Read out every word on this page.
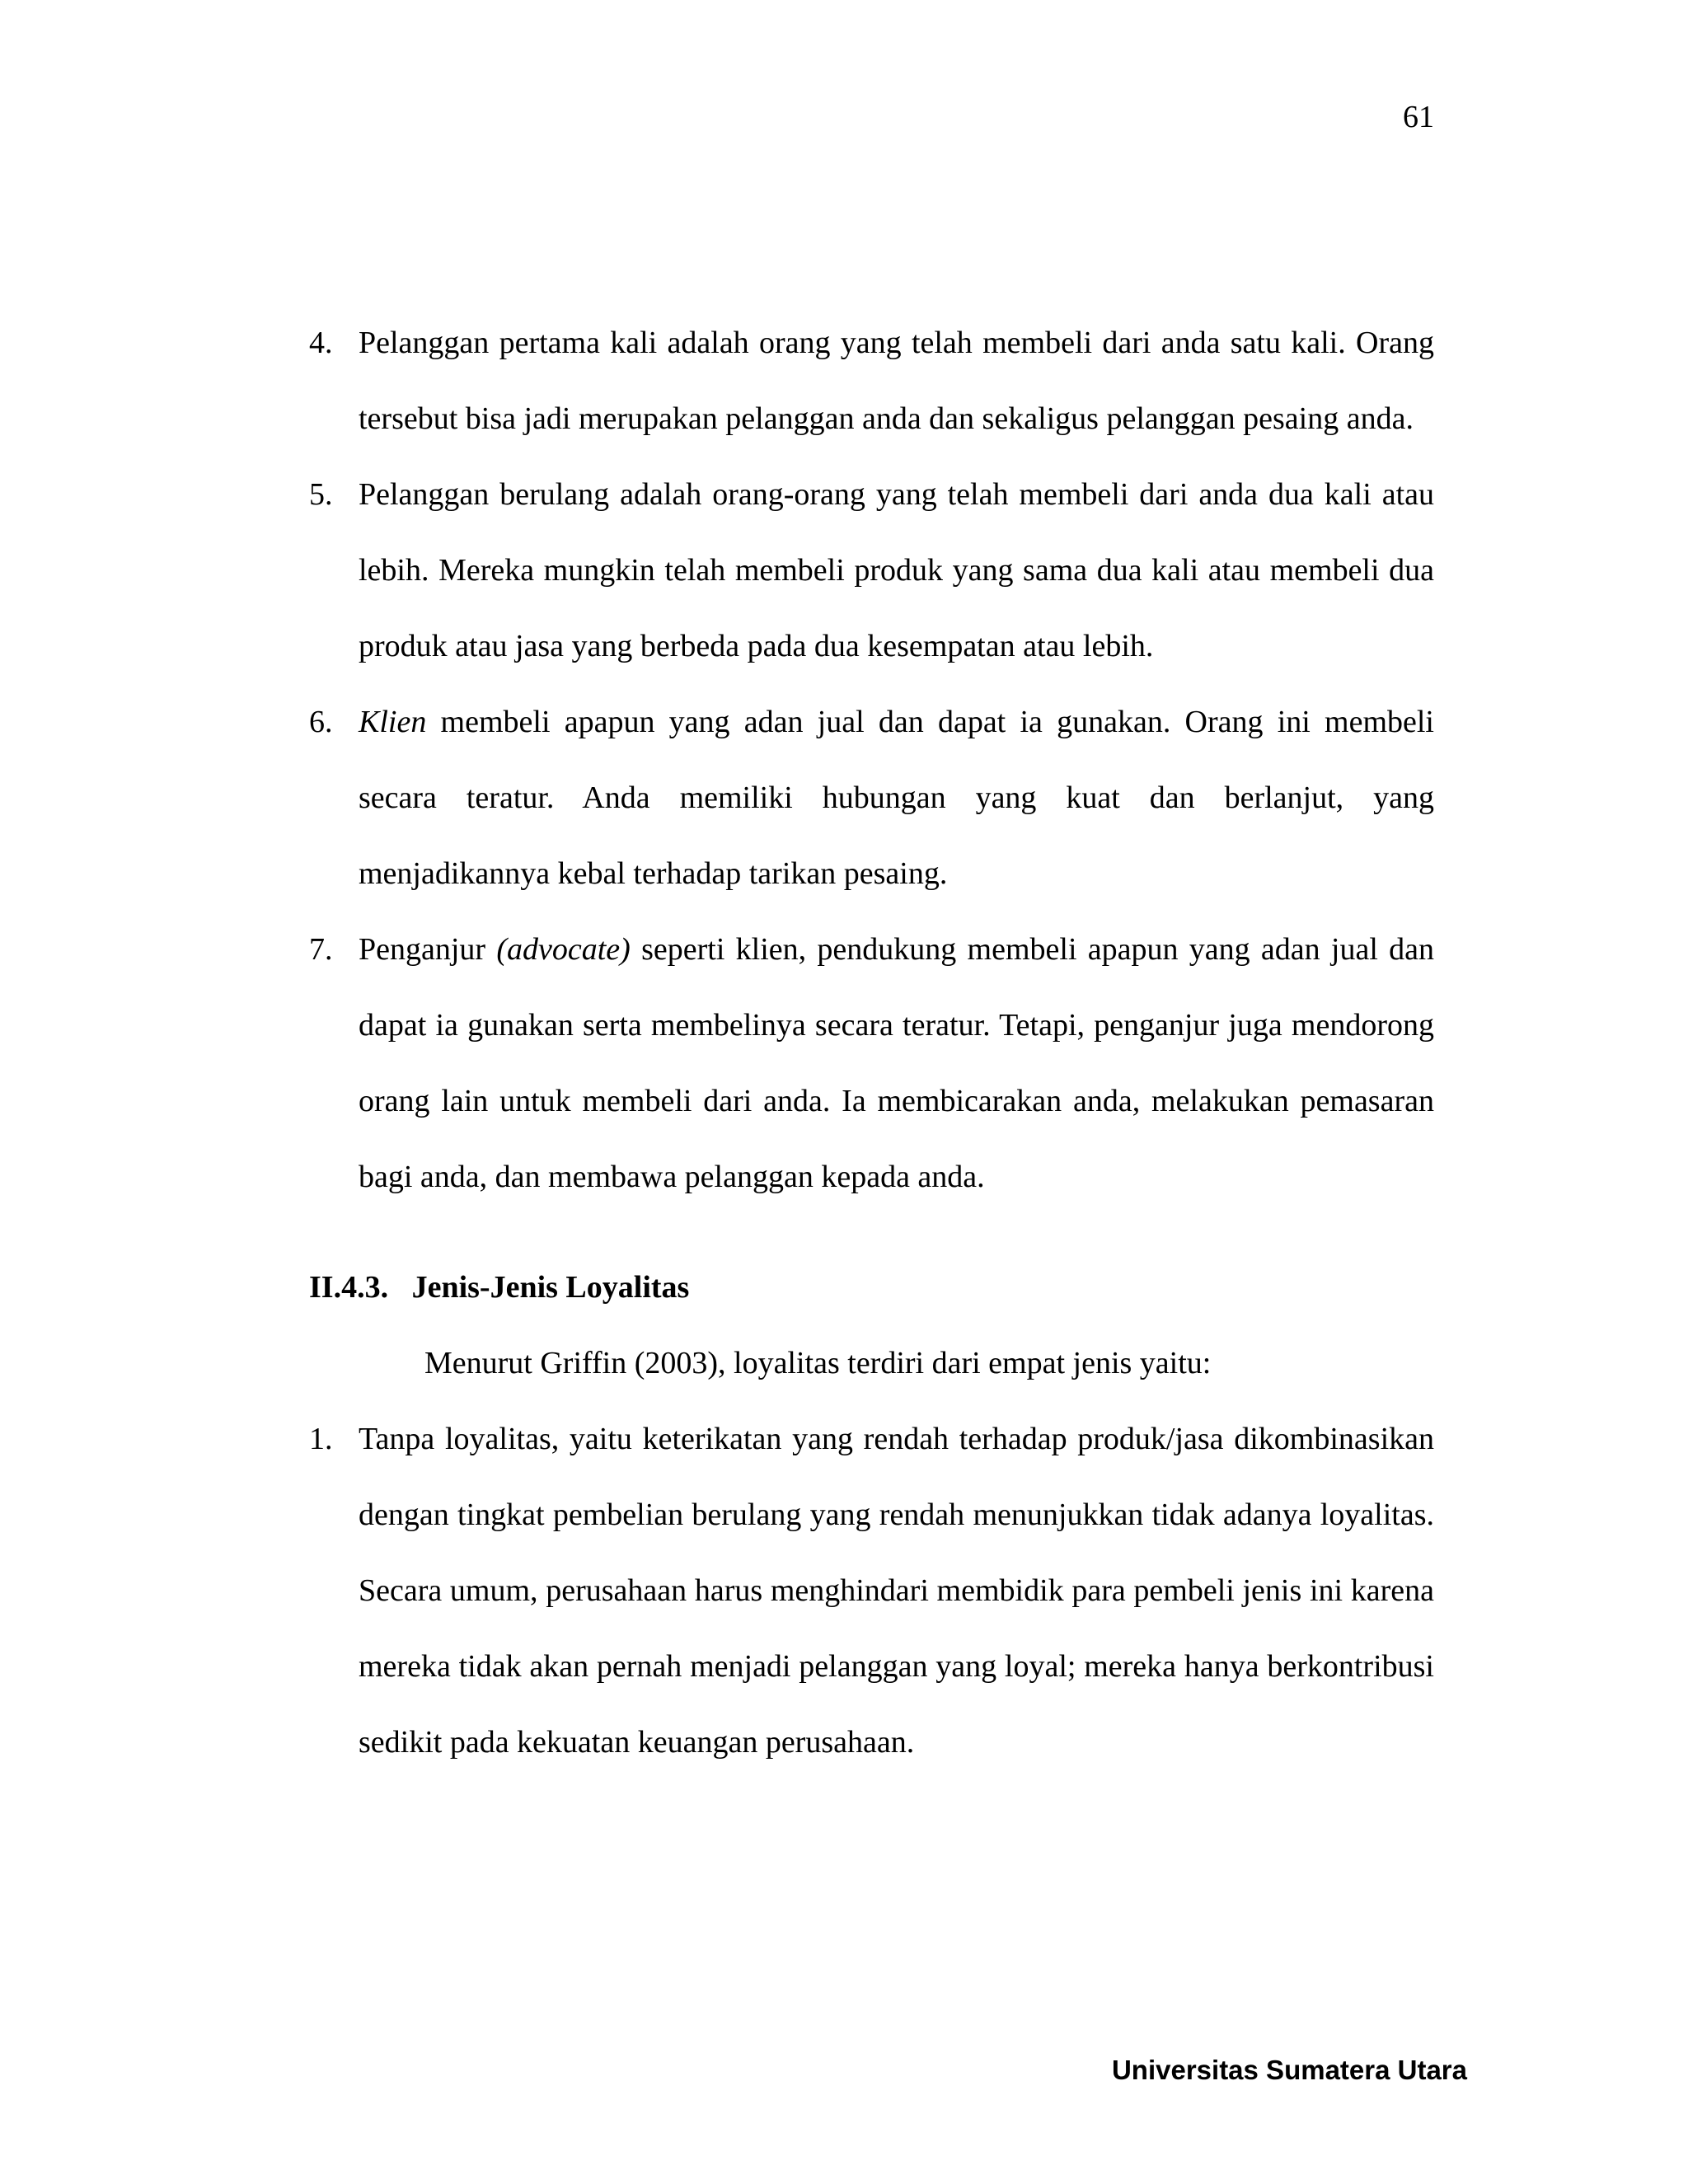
61
4. Pelanggan pertama kali adalah orang yang telah membeli dari anda satu kali. Orang tersebut bisa jadi merupakan pelanggan anda dan sekaligus pelanggan pesaing anda.
5. Pelanggan berulang adalah orang-orang yang telah membeli dari anda dua kali atau lebih. Mereka mungkin telah membeli produk yang sama dua kali atau membeli dua produk atau jasa yang berbeda pada dua kesempatan atau lebih.
6. Klien membeli apapun yang adan jual dan dapat ia gunakan. Orang ini membeli secara teratur. Anda memiliki hubungan yang kuat dan berlanjut, yang menjadikannya kebal terhadap tarikan pesaing.
7. Penganjur (advocate) seperti klien, pendukung membeli apapun yang adan jual dan dapat ia gunakan serta membelinya secara teratur. Tetapi, penganjur juga mendorong orang lain untuk membeli dari anda. Ia membicarakan anda, melakukan pemasaran bagi anda, dan membawa pelanggan kepada anda.
II.4.3.   Jenis-Jenis Loyalitas
Menurut Griffin (2003), loyalitas terdiri dari empat jenis yaitu:
1. Tanpa loyalitas, yaitu keterikatan yang rendah terhadap produk/jasa dikombinasikan dengan tingkat pembelian berulang yang rendah menunjukkan tidak adanya loyalitas. Secara umum, perusahaan harus menghindari membidik para pembeli jenis ini karena mereka tidak akan pernah menjadi pelanggan yang loyal; mereka hanya berkontribusi sedikit pada kekuatan keuangan perusahaan.
Universitas Sumatera Utara
